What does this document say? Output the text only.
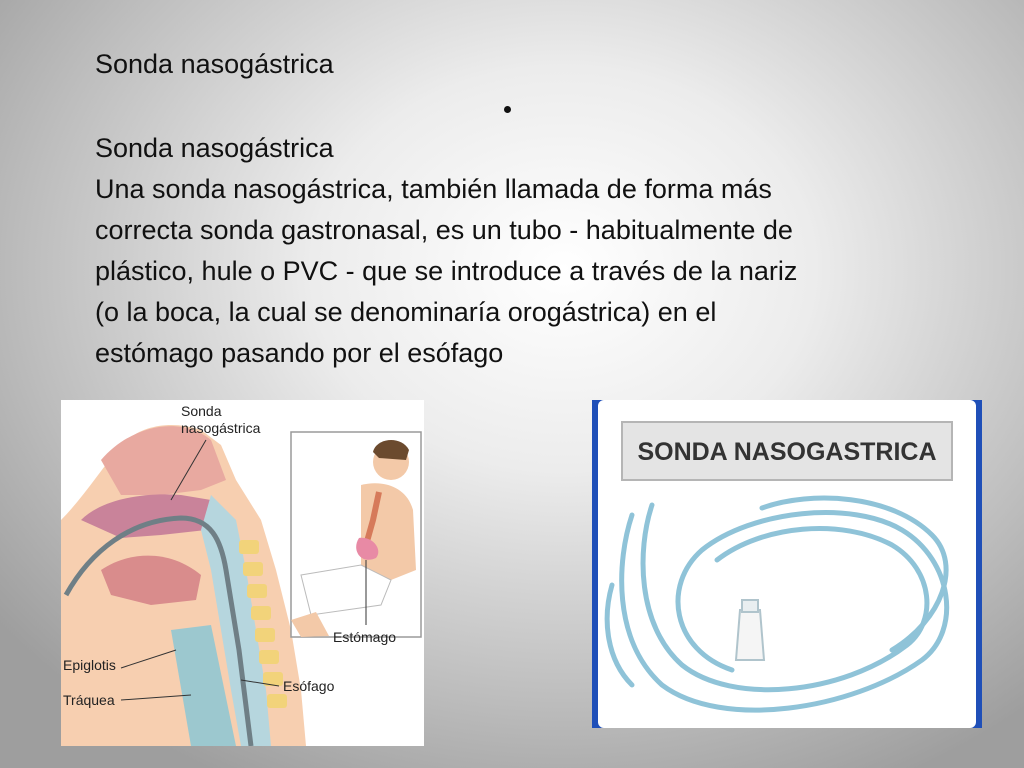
Sonda nasogástrica
Sonda nasogástrica
Una sonda nasogástrica, también llamada de forma más
correcta sonda gastronasal, es un tubo - habitualmente de
plástico, hule o PVC - que se introduce a través de la nariz
(o la boca, la cual se denominaría orogástrica) en el
estómago pasando por el esófago
Sonda
nasogástrica
Estómago
Epiglotis
Esófago
Tráquea
SONDA NASOGASTRICA
